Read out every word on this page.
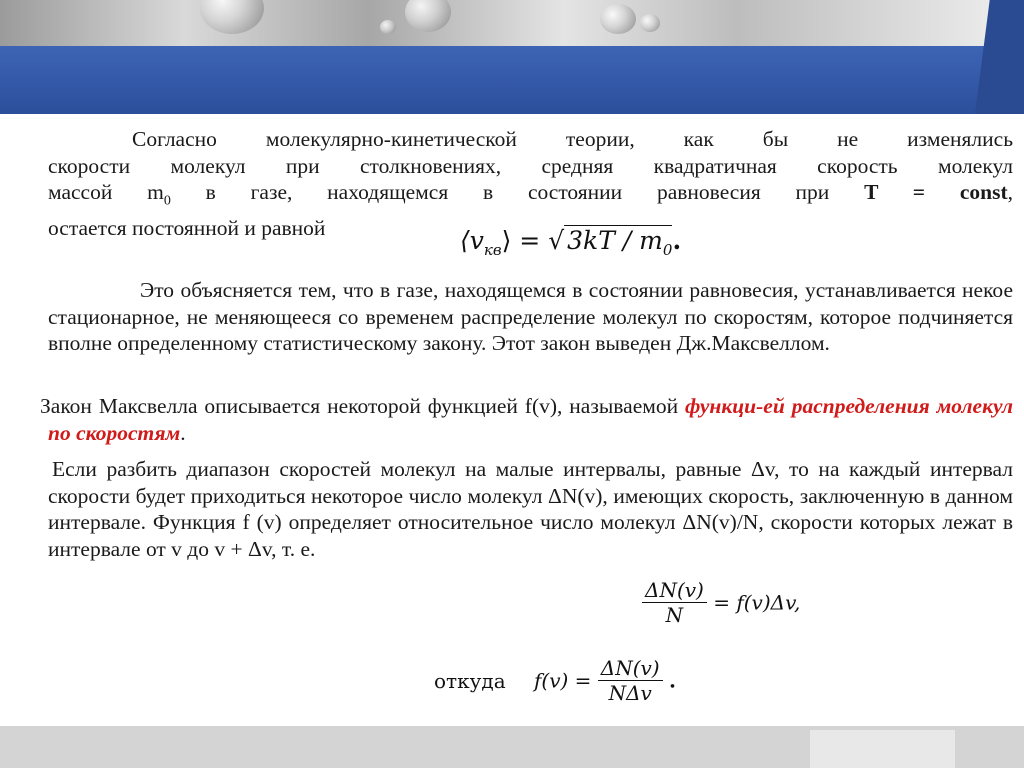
Согласно молекулярно-кинетической теории, как бы не изменялись
скорости молекул при столкновениях, средняя квадратичная скорость молекул
массой $m_0$ в газе, находящемся в состоянии равновесия при T = const,
остается постоянной и равной	$⟨v_{кв}⟩$ = √ $3kT / m_0$.

Это объясняется тем, что в газе, находящемся в состоянии равновесия, устанавливается некое стационарное, не меняющееся со временем распределение молекул по скоростям, которое подчиняется вполне определенному статистическому закону. Этот закон выведен Дж.Максвеллом.

Закон Максвелла описывается некоторой функцией f(v), называемой функци-ей распределения молекул по скоростям.

Если разбить диапазон скоростей молекул на малые интервалы, равные Δv, то на каждый интервал скорости будет приходиться некоторое число молекул ΔN(v), имеющих скорость, заключенную в данном интервале. Функция f (v) определяет относительное число молекул ΔN(v)/N, скорости которых лежат в интервале от v до v + Δv, т. е.

$\frac{\Delta N(v)}{N} = f(v)\Delta v$,
откуда $f(v) = \frac{\Delta N(v)}{\text{NΔv}}$ .
